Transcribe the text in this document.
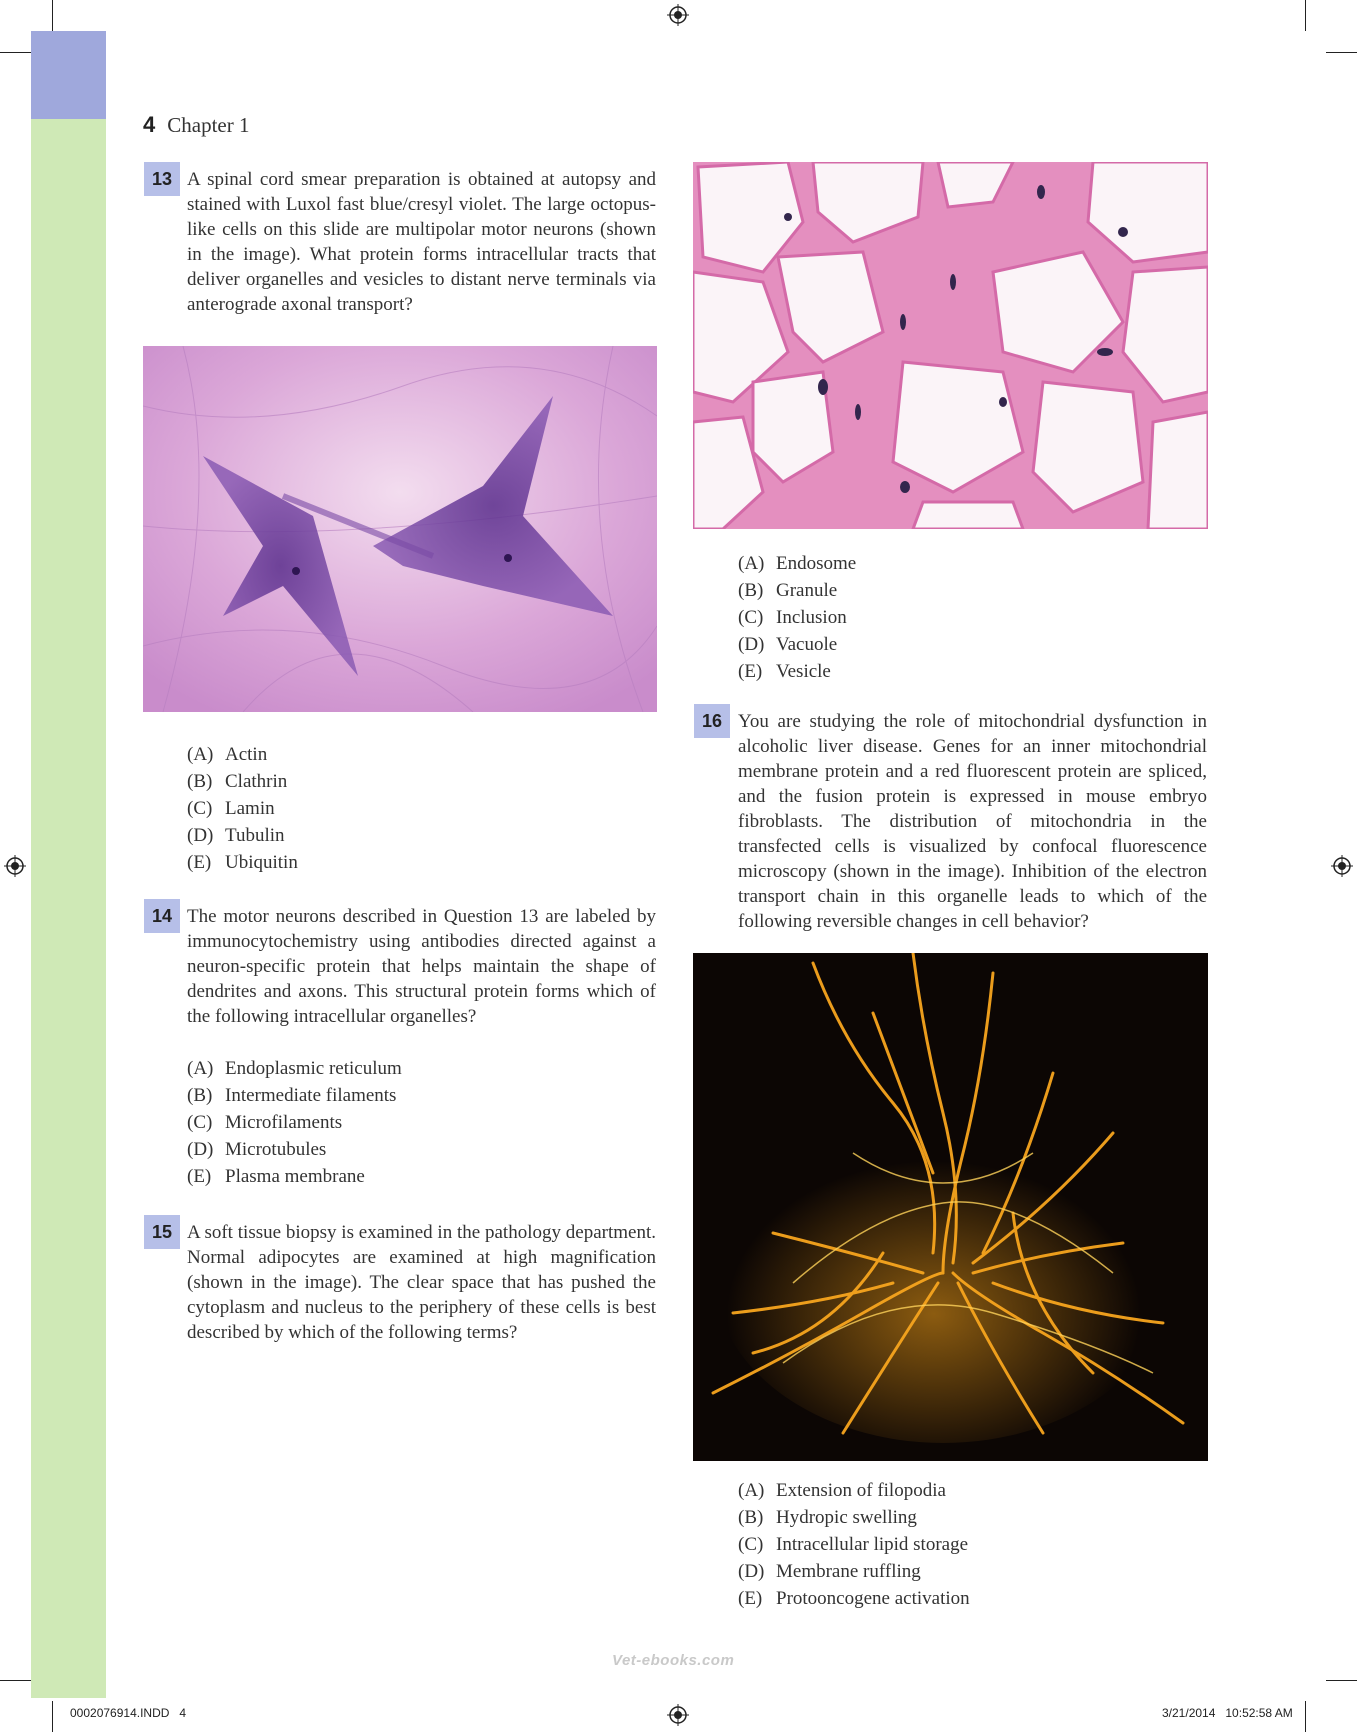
4 Chapter 1
13 A spinal cord smear preparation is obtained at autopsy and stained with Luxol fast blue/cresyl violet. The large octopus-like cells on this slide are multipolar motor neurons (shown in the image). What protein forms intracellular tracts that deliver organelles and vesicles to distant nerve terminals via anterograde axonal transport?

(A) Actin
(B) Clathrin
(C) Lamin
(D) Tubulin
(E) Ubiquitin
14 The motor neurons described in Question 13 are labeled by immunocytochemistry using antibodies directed against a neuron-specific protein that helps maintain the shape of dendrites and axons. This structural protein forms which of the following intracellular organelles?

(A) Endoplasmic reticulum
(B) Intermediate filaments
(C) Microfilaments
(D) Microtubules
(E) Plasma membrane
15 A soft tissue biopsy is examined in the pathology department. Normal adipocytes are examined at high magnification (shown in the image). The clear space that has pushed the cytoplasm and nucleus to the periphery of these cells is best described by which of the following terms?

(A) Endosome
(B) Granule
(C) Inclusion
(D) Vacuole
(E) Vesicle
16 You are studying the role of mitochondrial dysfunction in alcoholic liver disease. Genes for an inner mitochondrial membrane protein and a red fluorescent protein are spliced, and the fusion protein is expressed in mouse embryo fibroblasts. The distribution of mitochondria in the transfected cells is visualized by confocal fluorescence microscopy (shown in the image). Inhibition of the electron transport chain in this organelle leads to which of the following reversible changes in cell behavior?

(A) Extension of filopodia
(B) Hydropic swelling
(C) Intracellular lipid storage
(D) Membrane ruffling
(E) Protooncogene activation
Vet-ebooks.com
0002076914.INDD   4	3/21/2014   10:52:58 AM
